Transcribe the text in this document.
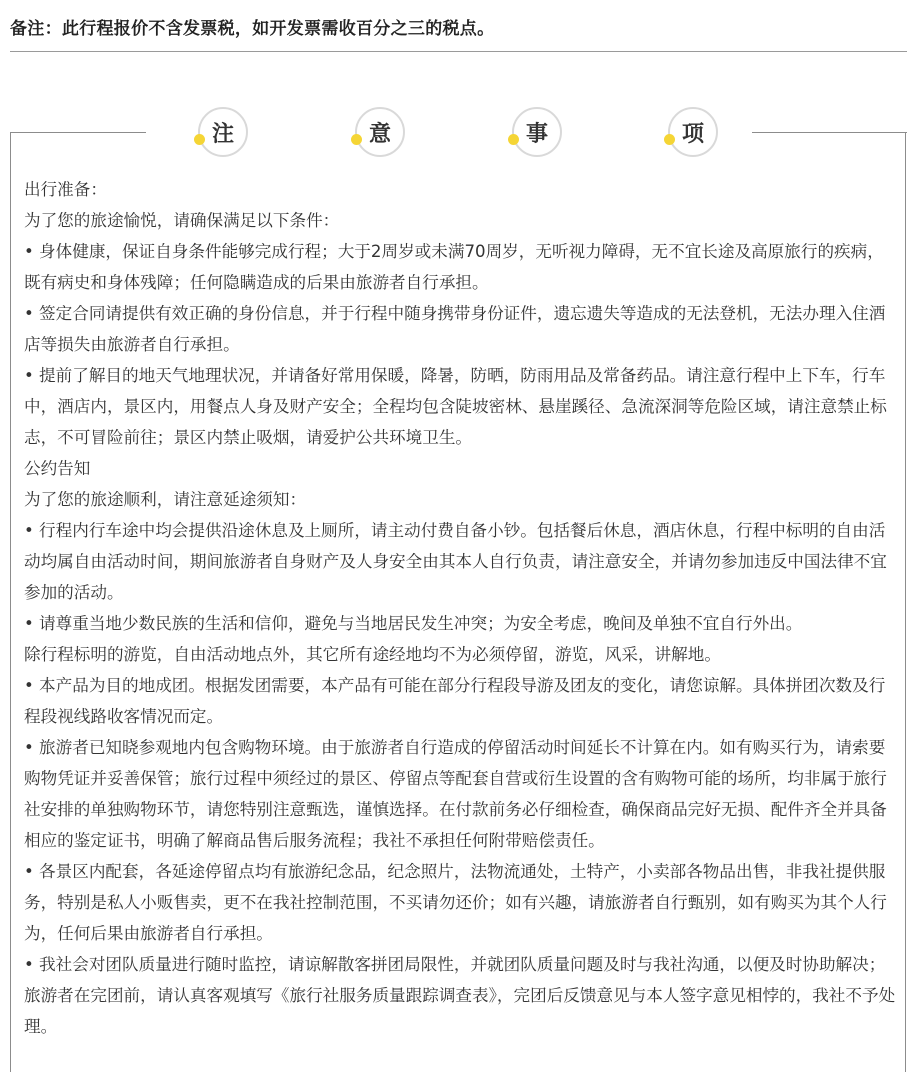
备注：此行程报价不含发票税，如开发票需收百分之三的税点。
注	意	事	项

出行准备：

为了您的旅途愉悦，请确保满足以下条件：

• 身体健康，保证自身条件能够完成行程；大于2周岁或未满70周岁，无听视力障碍，无不宜长途及高原旅行的疾病，既有病史和身体残障；任何隐瞒造成的后果由旅游者自行承担。

• 签定合同请提供有效正确的身份信息，并于行程中随身携带身份证件，遗忘遗失等造成的无法登机，无法办理入住酒店等损失由旅游者自行承担。

• 提前了解目的地天气地理状况，并请备好常用保暖，降暑，防晒，防雨用品及常备药品。请注意行程中上下车，行车中，酒店内，景区内，用餐点人身及财产安全；全程均包含陡坡密林、悬崖蹊径、急流深洞等危险区域，请注意禁止标志，不可冒险前往；景区内禁止吸烟，请爱护公共环境卫生。

公约告知

为了您的旅途顺利，请注意延途须知：

• 行程内行车途中均会提供沿途休息及上厕所，请主动付费自备小钞。包括餐后休息，酒店休息，行程中标明的自由活动均属自由活动时间，期间旅游者自身财产及人身安全由其本人自行负责，请注意安全，并请勿参加违反中国法律不宜参加的活动。

• 请尊重当地少数民族的生活和信仰，避免与当地居民发生冲突；为安全考虑，晚间及单独不宜自行外出。

除行程标明的游览，自由活动地点外，其它所有途经地均不为必须停留，游览，风采，讲解地。

• 本产品为目的地成团。根据发团需要，本产品有可能在部分行程段导游及团友的变化，请您谅解。具体拼团次数及行程段视线路收客情况而定。

• 旅游者已知晓参观地内包含购物环境。由于旅游者自行造成的停留活动时间延长不计算在内。如有购买行为，请索要购物凭证并妥善保管；旅行过程中须经过的景区、停留点等配套自营或衍生设置的含有购物可能的场所，均非属于旅行社安排的单独购物环节，请您特别注意甄选，谨慎选择。在付款前务必仔细检查，确保商品完好无损、配件齐全并具备相应的鉴定证书，明确了解商品售后服务流程；我社不承担任何附带赔偿责任。

• 各景区内配套，各延途停留点均有旅游纪念品，纪念照片，法物流通处，土特产，小卖部各物品出售，非我社提供服务，特别是私人小贩售卖，更不在我社控制范围，不买请勿还价；如有兴趣，请旅游者自行甄别，如有购买为其个人行为，任何后果由旅游者自行承担。

• 我社会对团队质量进行随时监控，请谅解散客拼团局限性，并就团队质量问题及时与我社沟通，以便及时协助解决；旅游者在完团前，请认真客观填写《旅行社服务质量跟踪调查表》，完团后反馈意见与本人签字意见相悖的，我社不予处理。
